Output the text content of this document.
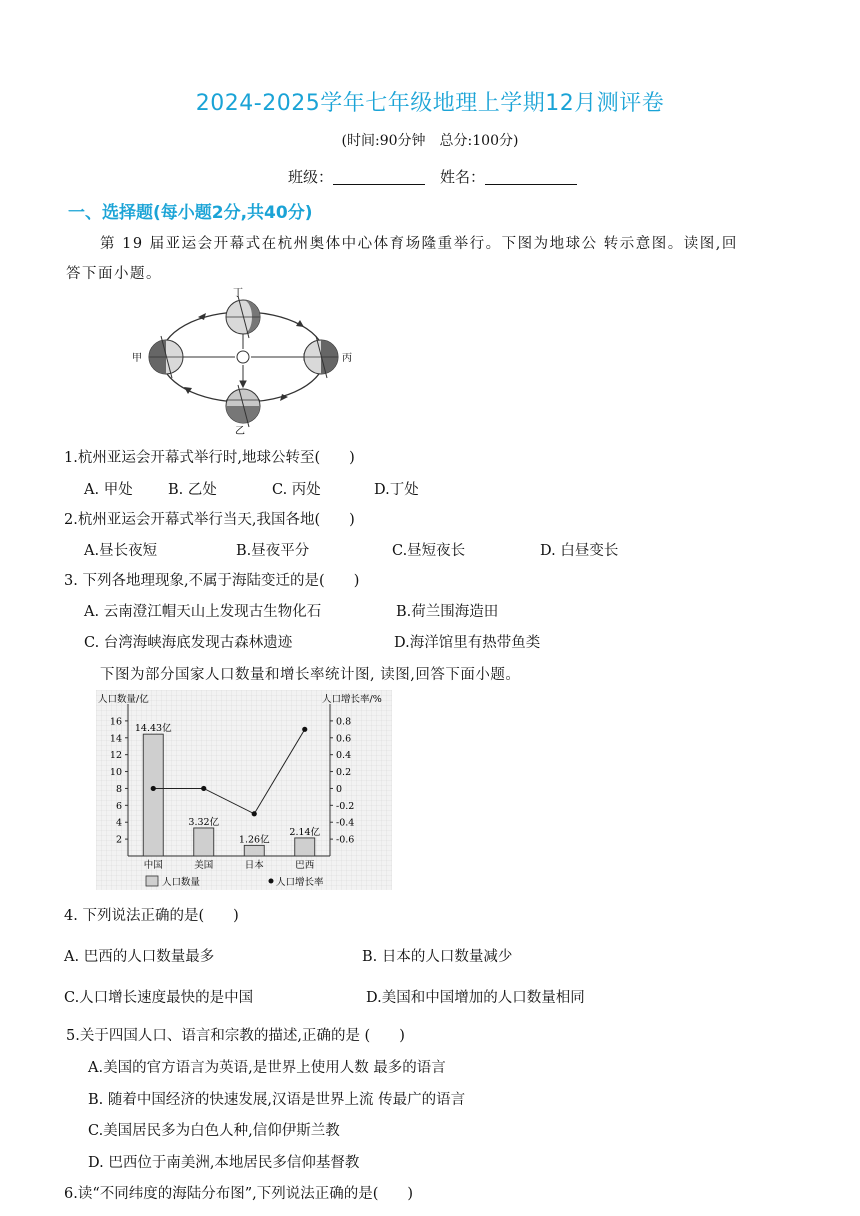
2024-2025学年七年级地理上学期12月测评卷
(时间:90分钟　总分:100分)
班级：	姓名：
一、选择题(每小题2分,共40分)
第 19 届亚运会开幕式在杭州奥体中心体育场隆重举行。下图为地球公 转示意图。读图,回
答下面小题。
丁
乙
甲	丙
1.杭州亚运会开幕式举行时,地球公转至(　　)
A. 甲处 B. 乙处	C. 丙处	D.丁处
2.杭州亚运会开幕式举行当天,我国各地(　　)
A.昼长夜短	B.昼夜平分	C.昼短夜长	D. 白昼变长
3. 下列各地理现象,不属于海陆变迁的是(　　)
A. 云南澄江帽天山上发现古生物化石	B.荷兰围海造田
C. 台湾海峡海底发现古森林遗迹	D.海洋馆里有热带鱼类
下图为部分国家人口数量和增长率统计图, 读图,回答下面小题。
人口数量/亿	人口增长率/%
16
14
12
10
8
6
4
2
0.8
0.6
0.4
0.2
0
-0.2
-0.4
-0.6
14.43亿
3.32亿
1.26亿
2.14亿
中国	美国	日本	巴西
人口数量	人口增长率
4. 下列说法正确的是(　　)
A. 巴西的人口数量最多	B. 日本的人口数量减少
C.人口增长速度最快的是中国	D.美国和中国增加的人口数量相同
5.关于四国人口、语言和宗教的描述,正确的是 (　　)
A.美国的官方语言为英语,是世界上使用人数 最多的语言
B. 随着中国经济的快速发展,汉语是世界上流 传最广的语言
C.美国居民多为白色人种,信仰伊斯兰教
D. 巴西位于南美洲,本地居民多信仰基督教
6.读“不同纬度的海陆分布图”,下列说法正确的是(　　)
